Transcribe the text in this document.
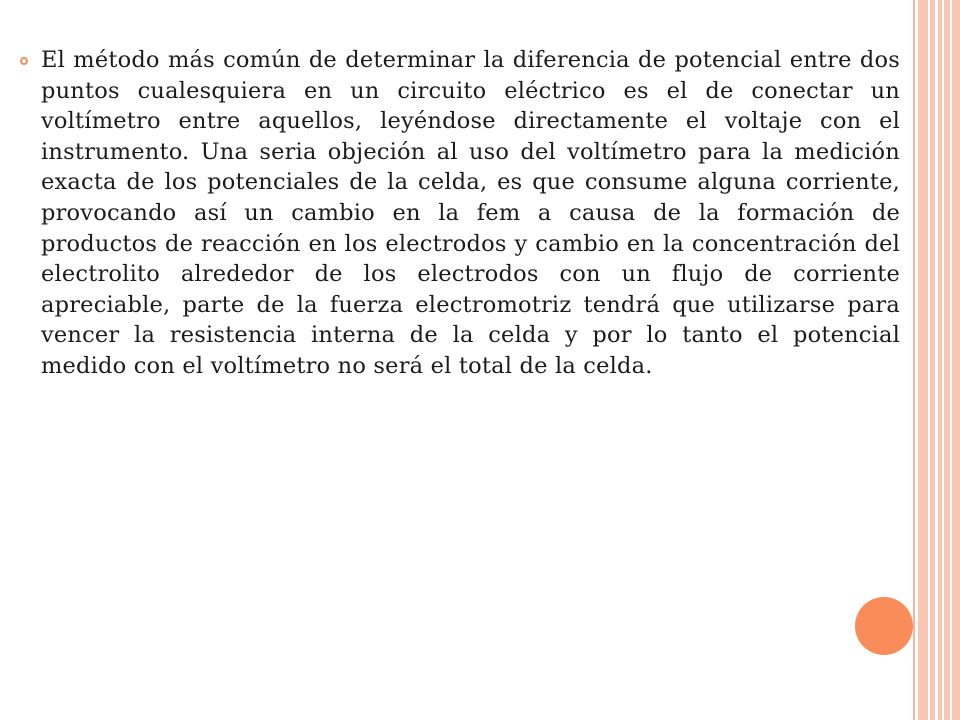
El método más común de determinar la diferencia de potencial entre dos puntos cualesquiera en un circuito eléctrico es el de conectar un voltímetro entre aquellos, leyéndose directamente el voltaje con el instrumento. Una seria objeción al uso del voltímetro para la medición exacta de los potenciales de la celda, es que consume alguna corriente, provocando así un cambio en la fem a causa de la formación de productos de reacción en los electrodos y cambio en la concentración del electrolito alrededor de los electrodos con un flujo de corriente apreciable, parte de la fuerza electromotriz tendrá que utilizarse para vencer la resistencia interna de la celda y por lo tanto el potencial medido con el voltímetro no será el total de la celda.
